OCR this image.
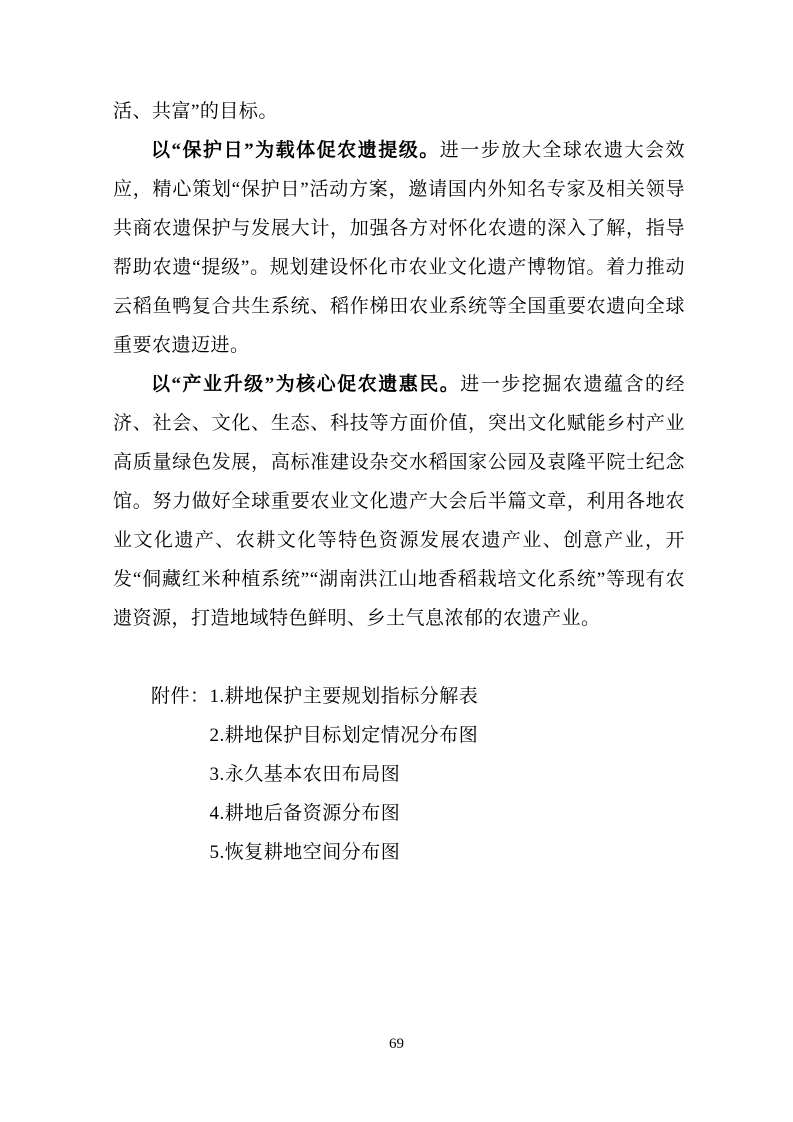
活、共富”的目标。

以“保护日”为载体促农遗提级。进一步放大全球农遗大会效应，精心策划“保护日”活动方案，邀请国内外知名专家及相关领导共商农遗保护与发展大计，加强各方对怀化农遗的深入了解，指导帮助农遗“提级”。规划建设怀化市农业文化遗产博物馆。着力推动云稻鱼鸭复合共生系统、稻作梯田农业系统等全国重要农遗向全球重要农遗迈进。

以“产业升级”为核心促农遗惠民。进一步挖掘农遗蕴含的经济、社会、文化、生态、科技等方面价值，突出文化赋能乡村产业高质量绿色发展，高标准建设杂交水稻国家公园及袁隆平院士纪念馆。努力做好全球重要农业文化遗产大会后半篇文章，利用各地农业文化遗产、农耕文化等特色资源发展农遗产业、创意产业，开发“侗藏红米种植系统”“湖南洪江山地香稻栽培文化系统”等现有农遗资源，打造地域特色鲜明、乡土气息浓郁的农遗产业。

附件： 1.耕地保护主要规划指标分解表
2.耕地保护目标划定情况分布图
3.永久基本农田布局图
4.耕地后备资源分布图
5.恢复耕地空间分布图
69
